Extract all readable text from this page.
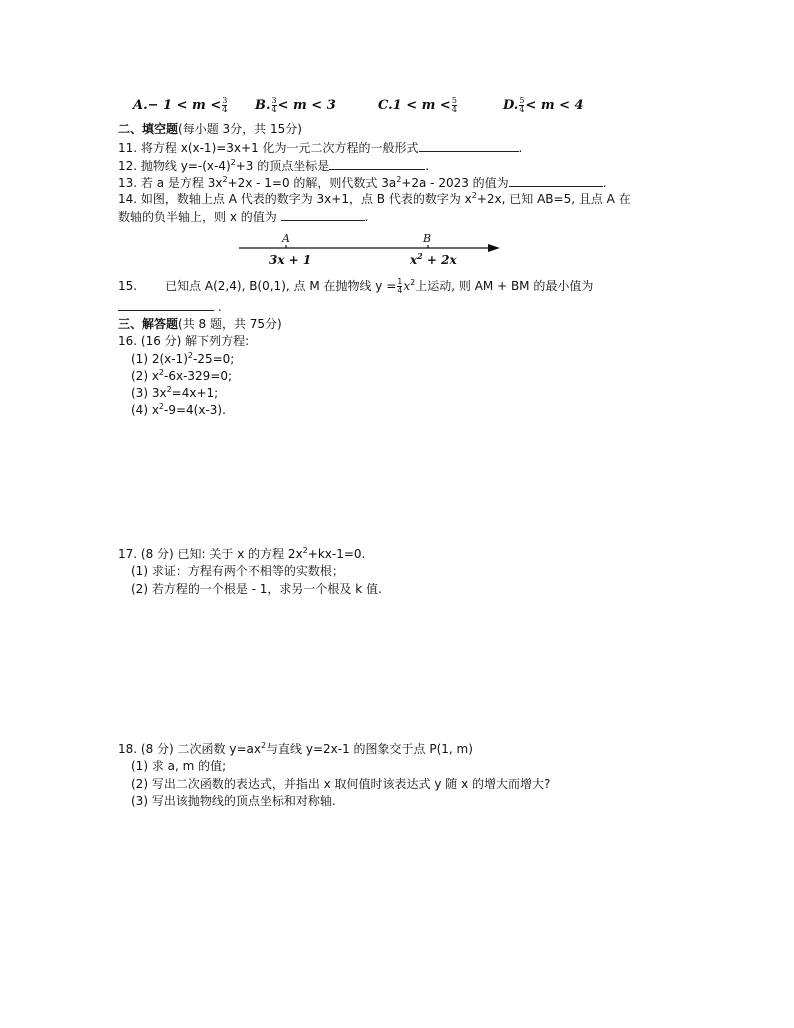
$A.- 1 < m < \frac{3}{4} B$. $\frac{3}{4} < m < 3$	$C.1 < m < \frac{5}{4}$	D. $\frac{5}{4} < m < 4$
二、填空题(每小题 3分，共 15分)
11. 将方程 x(x-1)=3x+1 化为一元二次方程的一般形式	.
12. 抛物线 $y=-(x-4)^2+3$ 的顶点坐标是	.
13. 若 a 是方程 $3x^2+2x - 1=0$ 的解，则代数式 $3a^2+2a - 2023$ 的值为	.
14. 如图，数轴上点 A 代表的数字为 3x+1，点 B 代表的数字为 $x^2+2x$, 已知 AB=5, 且点 A 在
数轴的负半轴上，则 x 的值为	.
A	B
3x + 1	$x^2 + 2x$
15. 已知点 A(2,4), B(0,1), 点 M 在抛物线 $y = \frac{1}{4} x^2$上运动, 则 AM + BM 的最小值为
.
三、解答题(共 8 题，共 75分)
16. (16 分) 解下列方程:
(1) $2(x-1)^2-25=0$;
(2) $x^2-6x-329=0$;
(3) $3x^2=4x+1$;
(4) $x^2-9=4(x-3)$.
17. (8 分) 已知: 关于 x 的方程 $2x^2+kx-1=0$.
(1) 求证：方程有两个不相等的实数根；
(2) 若方程的一个根是 - 1，求另一个根及 k 值.
18. (8 分) 二次函数 $y=ax^2$与直线 y=2x-1 的图象交于点 P(1, m)
(1) 求 a, m 的值;
(2) 写出二次函数的表达式，并指出 x 取何值时该表达式 y 随 x 的增大而增大?
(3) 写出该抛物线的顶点坐标和对称轴.
